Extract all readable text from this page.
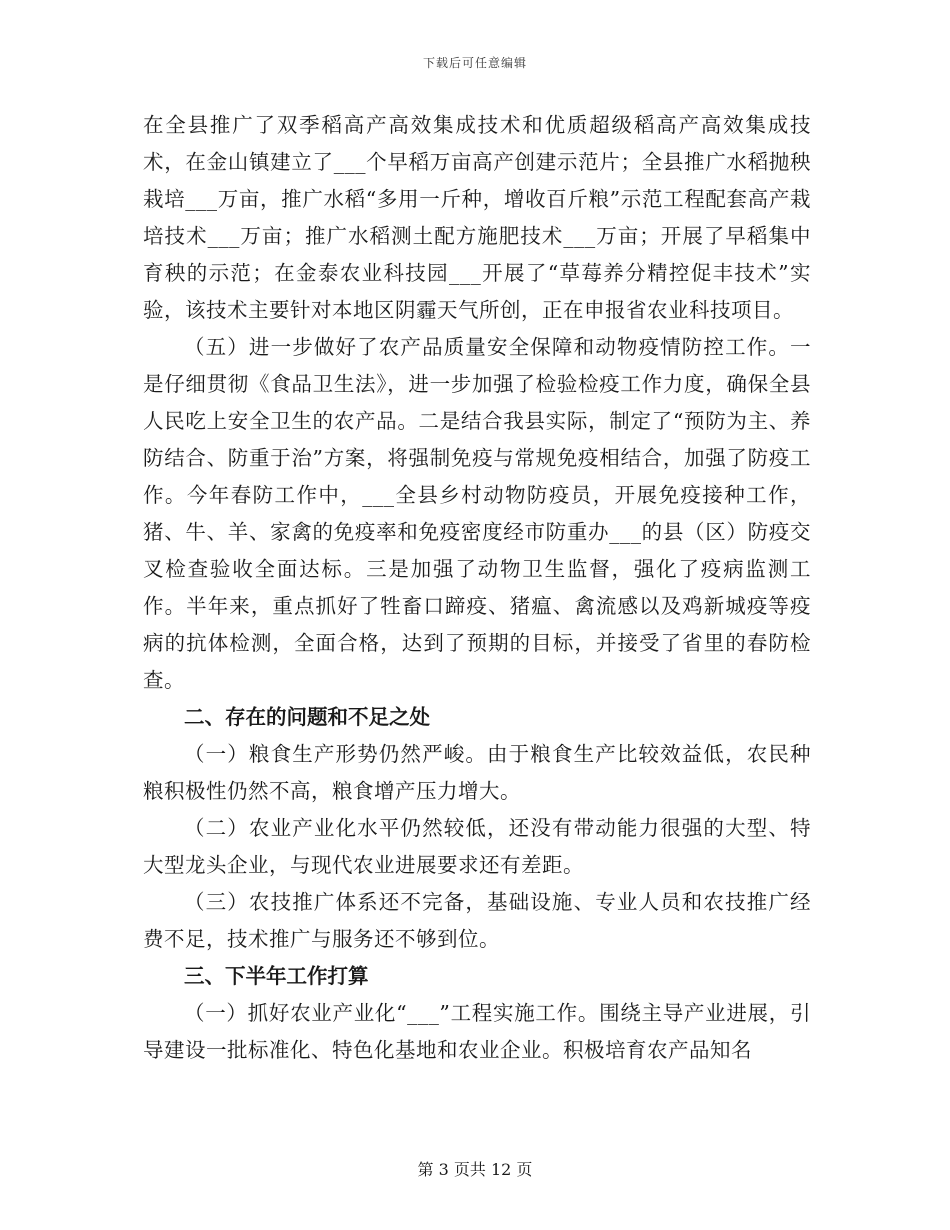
下载后可任意编辑

在全县推广了双季稻高产高效集成技术和优质超级稻高产高效集成技术，在金山镇建立了___个早稻万亩高产创建示范片；全县推广水稻抛秧栽培___万亩，推广水稻“多用一斤种，增收百斤粮”示范工程配套高产栽培技术___万亩；推广水稻测土配方施肥技术___万亩；开展了早稻集中育秧的示范；在金泰农业科技园___开展了“草莓养分精控促丰技术”实验，该技术主要针对本地区阴霾天气所创，正在申报省农业科技项目。

（五）进一步做好了农产品质量安全保障和动物疫情防控工作。一是仔细贯彻《食品卫生法》，进一步加强了检验检疫工作力度，确保全县人民吃上安全卫生的农产品。二是结合我县实际，制定了“预防为主、养防结合、防重于治”方案，将强制免疫与常规免疫相结合，加强了防疫工作。今年春防工作中，___全县乡村动物防疫员，开展免疫接种工作，猪、牛、羊、家禽的免疫率和免疫密度经市防重办___的县（区）防疫交叉检查验收全面达标。三是加强了动物卫生监督，强化了疫病监测工作。半年来，重点抓好了牲畜口蹄疫、猪瘟、禽流感以及鸡新城疫等疫病的抗体检测，全面合格，达到了预期的目标，并接受了省里的春防检查。

二、存在的问题和不足之处

（一）粮食生产形势仍然严峻。由于粮食生产比较效益低，农民种粮积极性仍然不高，粮食增产压力增大。

（二）农业产业化水平仍然较低，还没有带动能力很强的大型、特大型龙头企业，与现代农业进展要求还有差距。

（三）农技推广体系还不完备，基础设施、专业人员和农技推广经费不足，技术推广与服务还不够到位。

三、下半年工作打算

（一）抓好农业产业化“___”工程实施工作。围绕主导产业进展，引导建设一批标准化、特色化基地和农业企业。积极培育农产品知名

第 3 页共 12 页
